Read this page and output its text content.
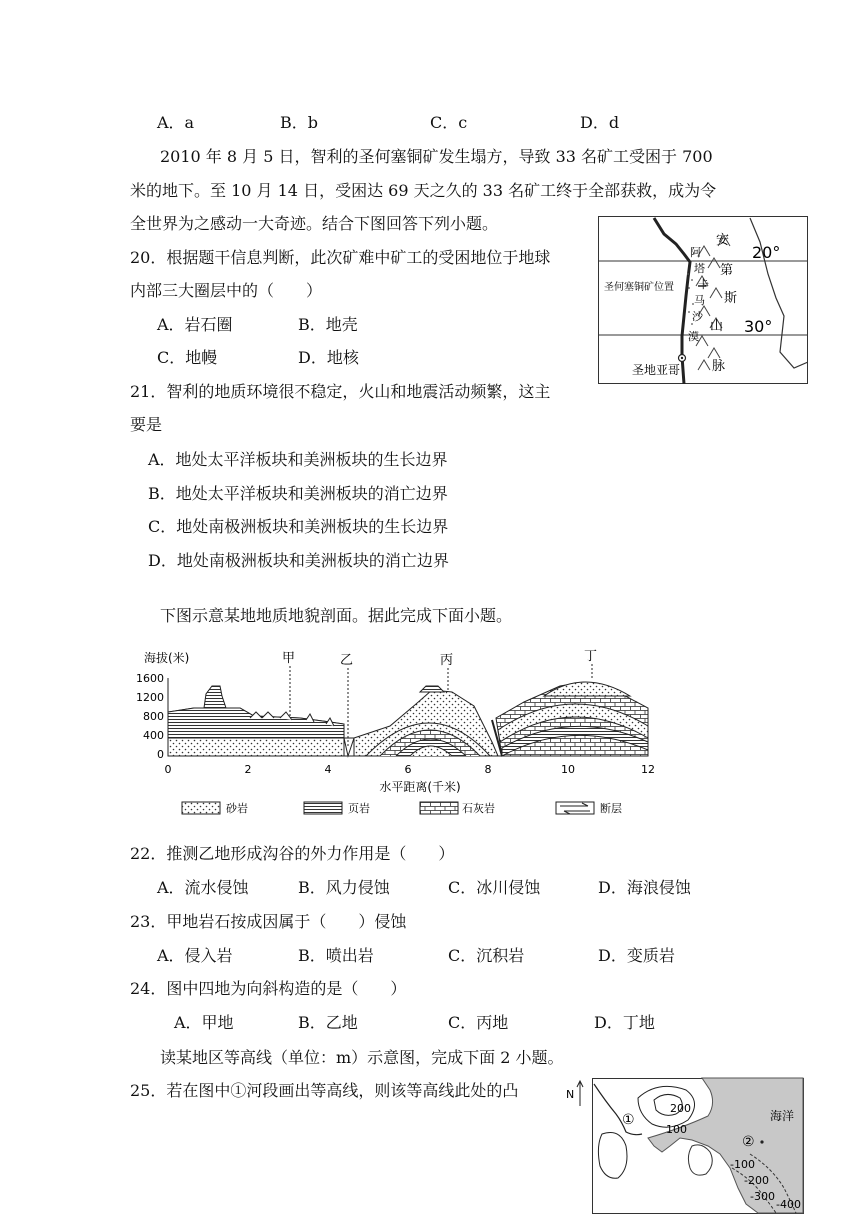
A．a	B．b	C．c	D．d
2010 年 8 月 5 日，智利的圣何塞铜矿发生塌方，导致 33 名矿工受困于 700
米的地下。至 10 月 14 日，受困达 69 天之久的 33 名矿工终于全部获救，成为令
全世界为之感动一大奇迹。结合下图回答下列小题。
20．根据题干信息判断，此次矿难中矿工的受困地位于地球
内部三大圈层中的（　　）
A．岩石圈	B．地壳
C．地幔	D．地核
21．智利的地质环境很不稳定，火山和地震活动频繁，这主
要是
A．地处太平洋板块和美洲板块的生长边界
B．地处太平洋板块和美洲板块的消亡边界
C．地处南极洲板块和美洲板块的生长边界
D．地处南极洲板块和美洲板块的消亡边界
安
第
斯
山
脉
阿
塔
卡
马
沙
漠
20°
30°
圣何塞铜矿位置
圣地亚哥
下图示意某地地质地貌剖面。据此完成下面小题。
海拔(米)
1600
1200
800
400
0
甲	乙	丙	丁
0	2	4	6	8	10	12
水平距离(千米)
砂岩	页岩	石灰岩	断层
22．推测乙地形成沟谷的外力作用是（　　）
A．流水侵蚀	B．风力侵蚀	C．冰川侵蚀	D．海浪侵蚀
23．甲地岩石按成因属于（　　）侵蚀
A．侵入岩	B．喷出岩	C．沉积岩	D．变质岩
24．图中四地为向斜构造的是（　　）
A．甲地	B．乙地	C．丙地	D．丁地
读某地区等高线（单位：m）示意图，完成下面 2 小题。
25．若在图中①河段画出等高线，则该等高线此处的凸	N
200
100
-100
-200
-300
-400
海洋
①
②
